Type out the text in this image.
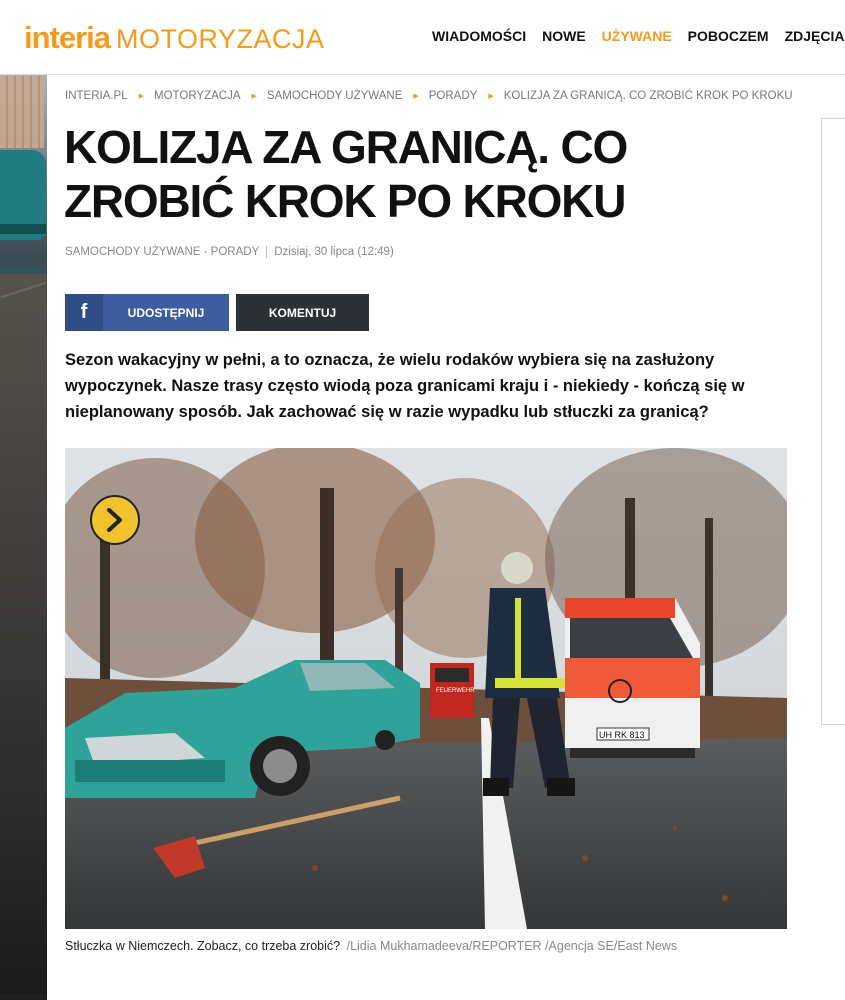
interia MOTORYZACJA	WIADOMOŚCI NOWE UŻYWANE POBOCZEM ZDJĘCIA
INTERIA.PL ▶ MOTORYZACJA ▶ SAMOCHODY UŻYWANE ▶ PORADY ▶ KOLIZJA ZA GRANICĄ. CO ZROBIĆ KROK PO KROKU
KOLIZJA ZA GRANICĄ. CO ZROBIĆ KROK PO KROKU
SAMOCHODY UŻYWANE - PORADY Dzisiaj, 30 lipca (12:49)
f	UDOSTĘPNIJ	KOMENTUJ

Sezon wakacyjny w pełni, a to oznacza, że wielu rodaków wybiera się na zasłużony wypoczynek. Nasze trasy często wiodą poza granicami kraju i - niekiedy - kończą się w nieplanowany sposób. Jak zachować się w razie wypadku lub stłuczki za granicą?

FEUERWEHR
UH RK 813
Stłuczka w Niemczech. Zobacz, co trzeba zrobić? /Lidia Mukhamadeeva/REPORTER /Agencja SE/East News
